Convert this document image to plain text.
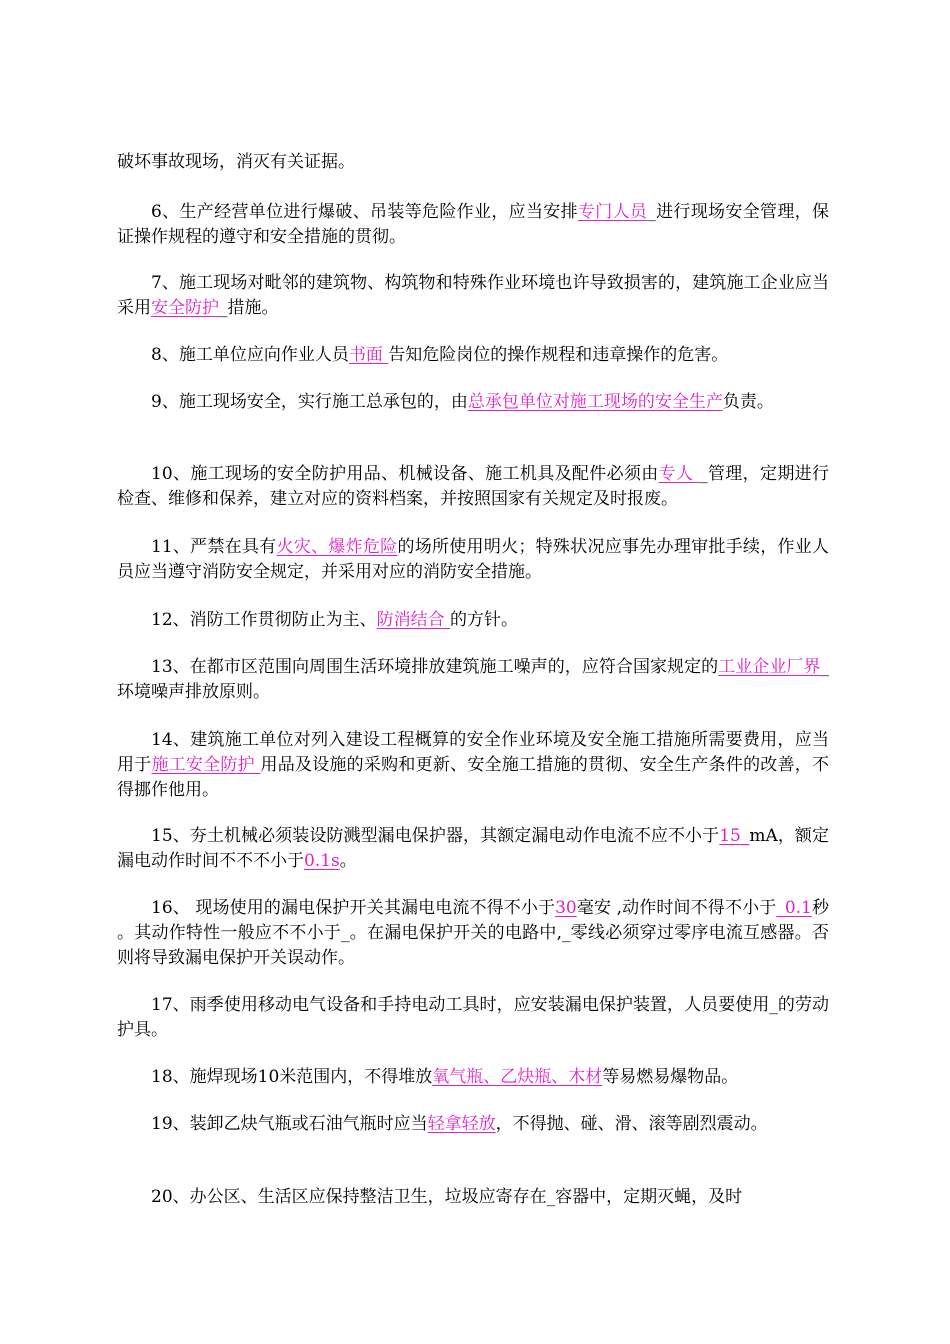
破坏事故现场，消灭有关证据。

6、生产经营单位进行爆破、吊装等危险作业，应当安排专门人员_进行现场安全管理，保证操作规程的遵守和安全措施的贯彻。

7、施工现场对毗邻的建筑物、构筑物和特殊作业环境也许导致损害的，建筑施工企业应当采用安全防护_措施。

8、施工单位应向作业人员书面 告知危险岗位的操作规程和违章操作的危害。

9、施工现场安全，实行施工总承包的，由总承包单位对施工现场的安全生产负责。

10、施工现场的安全防护用品、机械设备、施工机具及配件必须由专人 _管理，定期进行检查、维修和保养，建立对应的资料档案，并按照国家有关规定及时报废。

11、严禁在具有火灾、爆炸危险的场所使用明火；特殊状况应事先办理审批手续，作业人员应当遵守消防安全规定，并采用对应的消防安全措施。

12、消防工作贯彻防止为主、防消结合 的方针。

13、在都市区范围向周围生活环境排放建筑施工噪声的，应符合国家规定的工业企业厂界_环境噪声排放原则。

14、建筑施工单位对列入建设工程概算的安全作业环境及安全施工措施所需要费用，应当用于施工安全防护 用品及设施的采购和更新、安全施工措施的贯彻、安全生产条件的改善，不得挪作他用。

15、夯土机械必须装设防溅型漏电保护器，其额定漏电动作电流不应不小于15_mA，额定漏电动作时间不不不小于0.1s。

16、 现场使用的漏电保护开关其漏电电流不得不小于30毫安 ,动作时间不得不小于_0.1秒 。其动作特性一般应不不小于_。在漏电保护开关的电路中,_零线必须穿过零序电流互感器。否则将导致漏电保护开关误动作。

17、雨季使用移动电气设备和手持电动工具时，应安装漏电保护装置，人员要使用_的劳动护具。

18、施焊现场10米范围内，不得堆放氧气瓶、乙炔瓶、木材等易燃易爆物品。

19、装卸乙炔气瓶或石油气瓶时应当轻拿轻放，不得抛、碰、滑、滚等剧烈震动。

20、办公区、生活区应保持整洁卫生，垃圾应寄存在_容器中，定期灭蝇，及时
